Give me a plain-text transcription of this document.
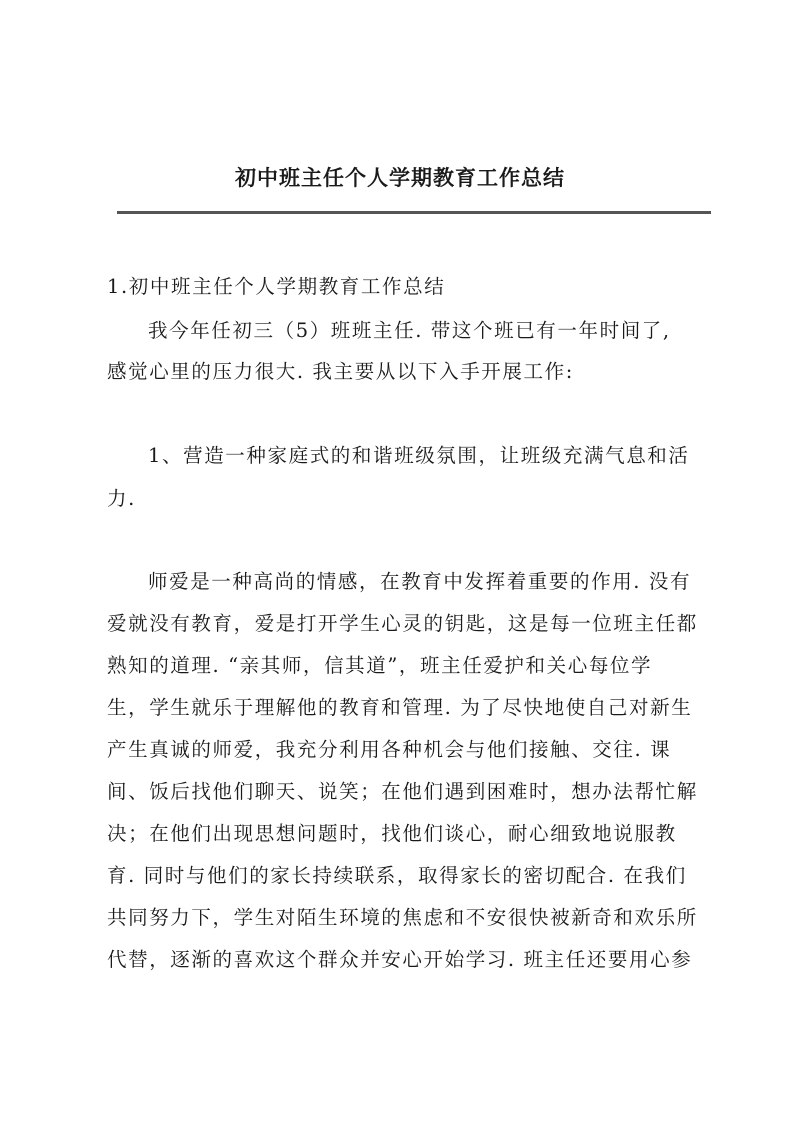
初中班主任个人学期教育工作总结
1.初中班主任个人学期教育工作总结
我今年任初三（5）班班主任. 带这个班已有一年时间了,
感觉心里的压力很大. 我主要从以下入手开展工作:
1、营造一种家庭式的和谐班级氛围，让班级充满气息和活
力.
师爱是一种高尚的情感，在教育中发挥着重要的作用. 没有
爱就没有教育，爱是打开学生心灵的钥匙，这是每一位班主任都
熟知的道理. “亲其师，信其道”，班主任爱护和关心每位学
生，学生就乐于理解他的教育和管理. 为了尽快地使自己对新生
产生真诚的师爱，我充分利用各种机会与他们接触、交往. 课
间、饭后找他们聊天、说笑；在他们遇到困难时，想办法帮忙解
决；在他们出现思想问题时，找他们谈心，耐心细致地说服教
育. 同时与他们的家长持续联系，取得家长的密切配合. 在我们
共同努力下，学生对陌生环境的焦虑和不安很快被新奇和欢乐所
代替，逐渐的喜欢这个群众并安心开始学习. 班主任还要用心参
